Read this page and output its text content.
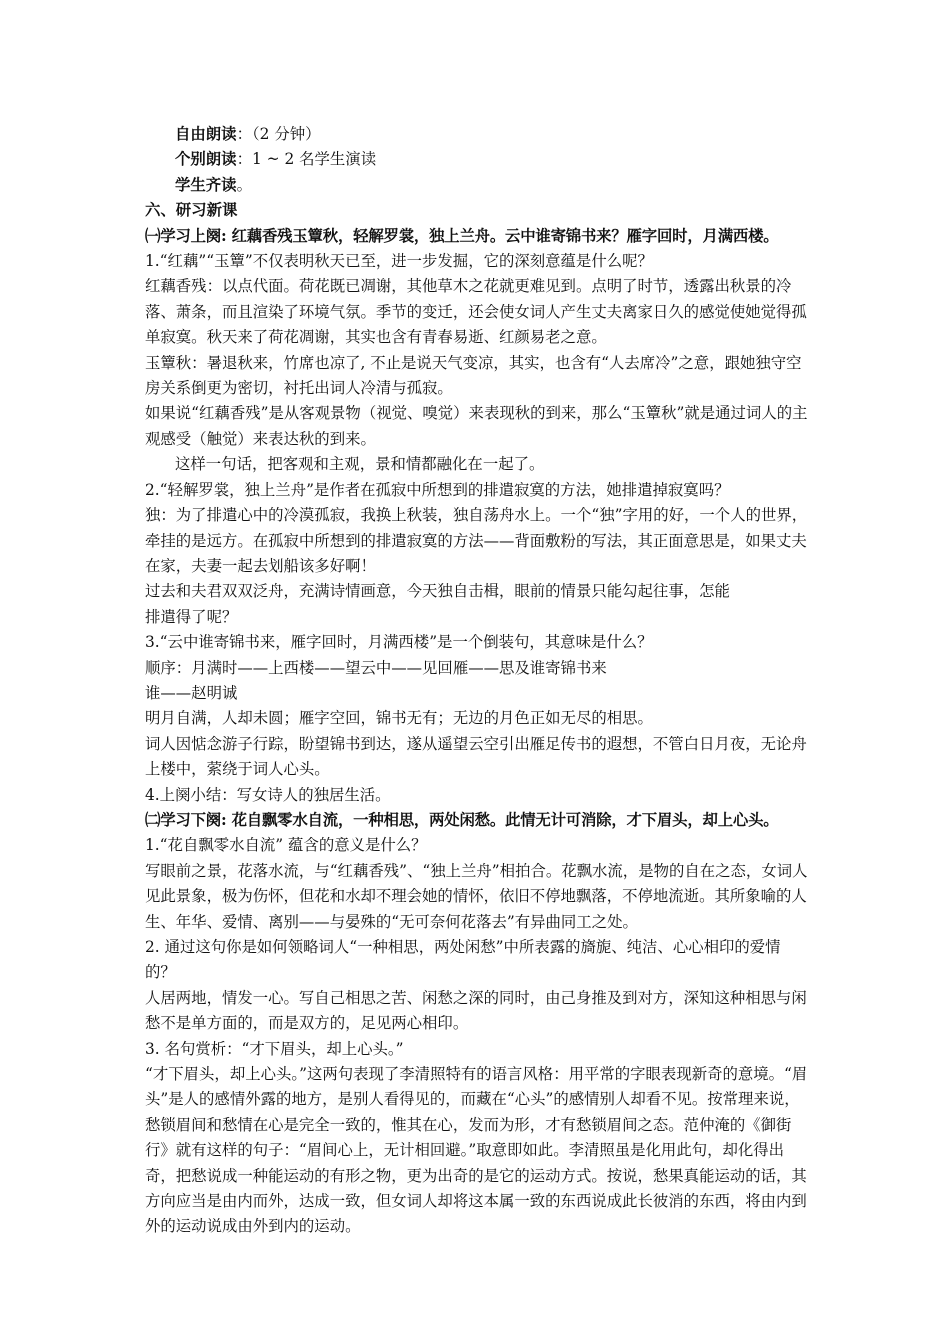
自由朗读：（2 分钟）

个别朗读：1 ~ 2 名学生演读

学生齐读。

六、研习新课

㈠学习上阕: 红藕香残玉簟秋，轻解罗裳，独上兰舟。云中谁寄锦书来？雁字回时，月满西楼。

1.“红藕”“玉簟”不仅表明秋天已至，进一步发掘，它的深刻意蕴是什么呢？

红藕香残：以点代面。荷花既已凋谢，其他草木之花就更难见到。点明了时节，透露出秋景的冷落、萧条，而且渲染了环境气氛。季节的变迁，还会使女词人产生丈夫离家日久的感觉使她觉得孤单寂寞。秋天来了荷花凋谢，其实也含有青春易逝、红颜易老之意。

玉簟秋：暑退秋来，竹席也凉了, 不止是说天气变凉，其实，也含有“人去席冷”之意，跟她独守空房关系倒更为密切，衬托出词人冷清与孤寂。

如果说“红藕香残”是从客观景物（视觉、嗅觉）来表现秋的到来，那么“玉簟秋”就是通过词人的主观感受（触觉）来表达秋的到来。

这样一句话，把客观和主观，景和情都融化在一起了。

2.“轻解罗裳，独上兰舟”是作者在孤寂中所想到的排遣寂寞的方法，她排遣掉寂寞吗？

独：为了排遣心中的冷漠孤寂，我换上秋装，独自荡舟水上。一个“独”字用的好，一个人的世界，牵挂的是远方。在孤寂中所想到的排遣寂寞的方法——背面敷粉的写法，其正面意思是，如果丈夫在家，夫妻一起去划船该多好啊！

过去和夫君双双泛舟，充满诗情画意，今天独自击楫，眼前的情景只能勾起往事，怎能

排遣得了呢？

3.“云中谁寄锦书来，雁字回时，月满西楼”是一个倒装句，其意味是什么？

顺序：月满时——上西楼——望云中——见回雁——思及谁寄锦书来

谁——赵明诚

明月自满，人却未圆；雁字空回，锦书无有；无边的月色正如无尽的相思。

词人因惦念游子行踪，盼望锦书到达，遂从遥望云空引出雁足传书的遐想，不管白日月夜，无论舟上楼中，萦绕于词人心头。

4.上阕小结：写女诗人的独居生活。

㈡学习下阕: 花自飘零水自流，一种相思，两处闲愁。此情无计可消除，才下眉头，却上心头。

1.“花自飘零水自流” 蕴含的意义是什么？

写眼前之景，花落水流，与“红藕香残”、“独上兰舟”相拍合。花飘水流，是物的自在之态，女词人见此景象，极为伤怀，但花和水却不理会她的情怀，依旧不停地飘落，不停地流逝。其所象喻的人生、年华、爱情、离别——与晏殊的“无可奈何花落去”有异曲同工之处。

2. 通过这句你是如何领略词人“一种相思，两处闲愁”中所表露的旖旎、纯洁、心心相印的爱情的？

人居两地，情发一心。写自己相思之苦、闲愁之深的同时，由己身推及到对方，深知这种相思与闲愁不是单方面的，而是双方的，足见两心相印。

3. 名句赏析：“才下眉头，却上心头。”

“才下眉头，却上心头。”这两句表现了李清照特有的语言风格：用平常的字眼表现新奇的意境。“眉头”是人的感情外露的地方，是别人看得见的，而藏在“心头”的感情别人却看不见。按常理来说，愁锁眉间和愁情在心是完全一致的，惟其在心，发而为形，才有愁锁眉间之态。范仲淹的《御街行》就有这样的句子：“眉间心上，无计相回避。”取意即如此。李清照虽是化用此句，却化得出奇，把愁说成一种能运动的有形之物，更为出奇的是它的运动方式。按说，愁果真能运动的话，其方向应当是由内而外，达成一致，但女词人却将这本属一致的东西说成此长彼消的东西，将由内到外的运动说成由外到内的运动。
